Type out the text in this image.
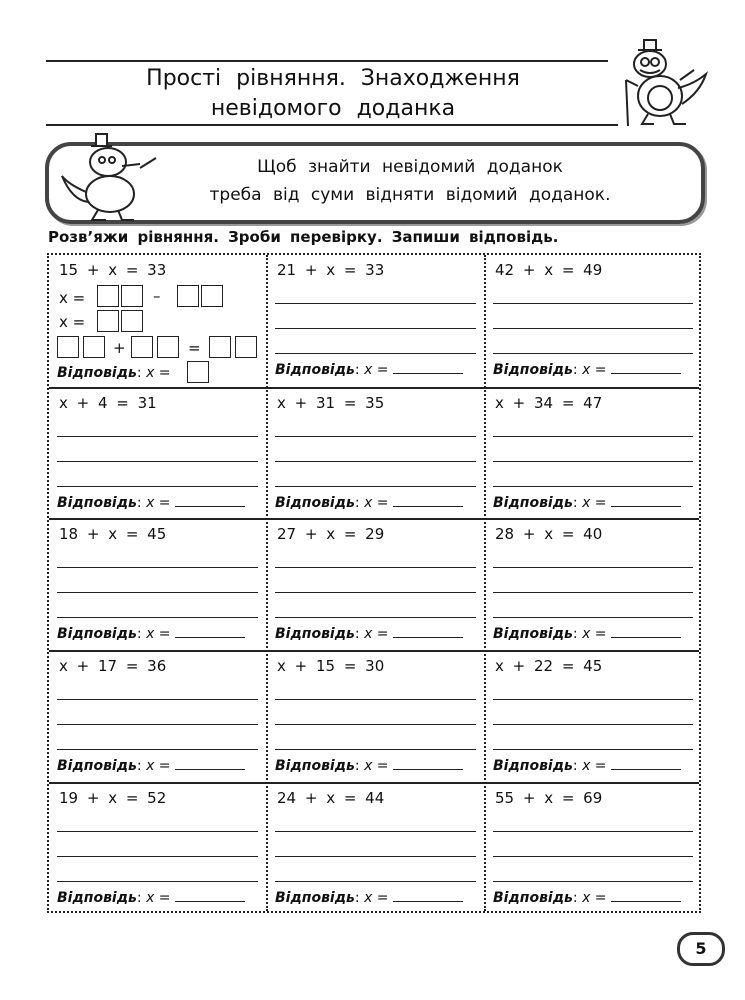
Прості рівняння. Знаходження
невідомого доданка
Щоб знайти невідомий доданок
треба від суми відняти відомий доданок.
Розв’яжи рівняння. Зроби перевірку. Запиши відповідь.
15 + x = 33
x =	–
x =
+	=
Відповідь: x =
21 + x = 33
Відповідь: x =
42 + x = 49
Відповідь: x =
x + 4 = 31
Відповідь: x =
x + 31 = 35
Відповідь: x =
x + 34 = 47
Відповідь: x =
18 + x = 45
Відповідь: x =
27 + x = 29
Відповідь: x =
28 + x = 40
Відповідь: x =
x + 17 = 36
Відповідь: x =
x + 15 = 30
Відповідь: x =
x + 22 = 45
Відповідь: x =
19 + x = 52
Відповідь: x =
24 + x = 44
Відповідь: x =
55 + x = 69
Відповідь: x =
5
